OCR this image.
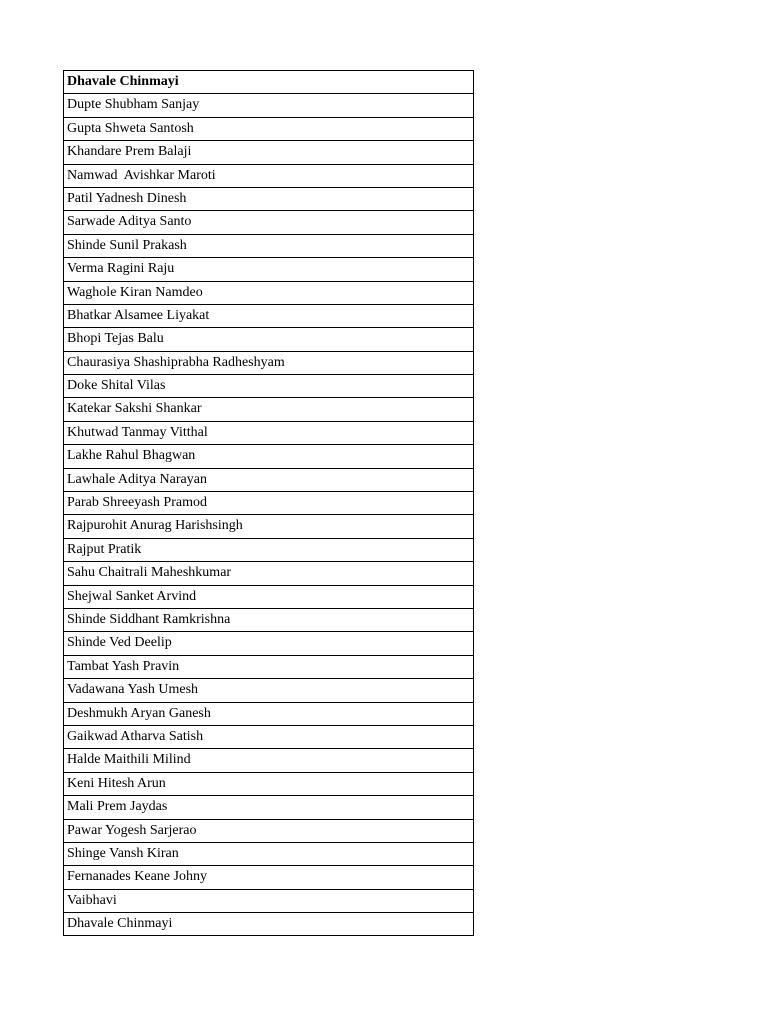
Dhavale Chinmayi
Dupte Shubham Sanjay
Gupta Shweta Santosh
Khandare Prem Balaji
Namwad  Avishkar Maroti
Patil Yadnesh Dinesh
Sarwade Aditya Santo
Shinde Sunil Prakash
Verma Ragini Raju
Waghole Kiran Namdeo
Bhatkar Alsamee Liyakat
Bhopi Tejas Balu
Chaurasiya Shashiprabha Radheshyam
Doke Shital Vilas
Katekar Sakshi Shankar
Khutwad Tanmay Vitthal
Lakhe Rahul Bhagwan
Lawhale Aditya Narayan
Parab Shreeyash Pramod
Rajpurohit Anurag Harishsingh
Rajput Pratik
Sahu Chaitrali Maheshkumar
Shejwal Sanket Arvind
Shinde Siddhant Ramkrishna
Shinde Ved Deelip
Tambat Yash Pravin
Vadawana Yash Umesh
Deshmukh Aryan Ganesh
Gaikwad Atharva Satish
Halde Maithili Milind
Keni Hitesh Arun
Mali Prem Jaydas
Pawar Yogesh Sarjerao
Shinge Vansh Kiran
Fernanades Keane Johny
Vaibhavi
Dhavale Chinmayi
